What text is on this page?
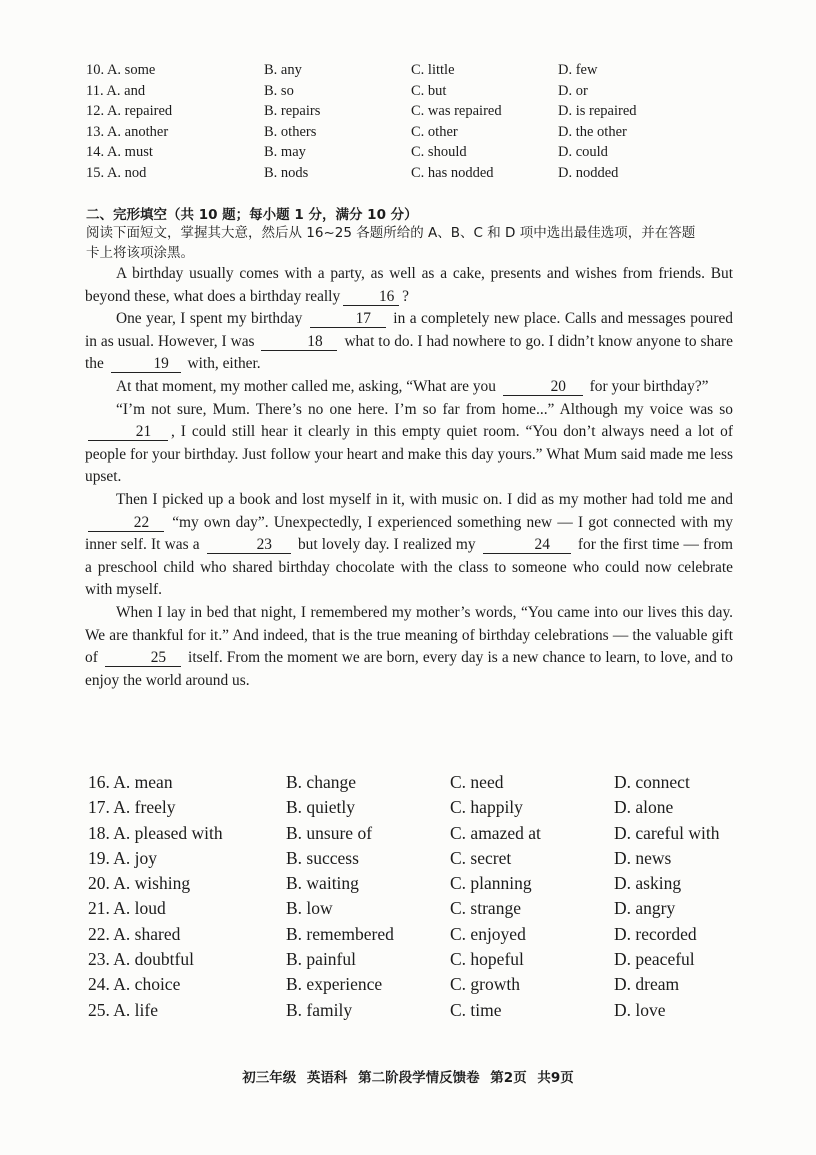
10. A. some	B. any	C. little	D. few
11. A. and	B. so	C. but	D. or
12. A. repaired	B. repairs	C. was repaired	D. is repaired
13. A. another	B. others	C. other	D. the other
14. A. must	B. may	C. should	D. could
15. A. nod	B. nods	C. has nodded	D. nodded
二、完形填空（共 10 题；每小题 1 分，满分 10 分）
阅读下面短文，掌握其大意，然后从 16~25 各题所给的 A、B、C 和 D 项中选出最佳选项，并在答题卡上将该项涂黑。

A birthday usually comes with a party, as well as a cake, presents and wishes from friends. But beyond these, what does a birthday really	16 ?

One year, I spent my birthday	17 in a completely new place. Calls and messages poured in as usual. However, I was	18 what to do. I had nowhere to go. I didn’t know anyone to share the	19 with, either.

At that moment, my mother called me, asking, “What are you	20 for your birthday?”

“I’m not sure, Mum. There’s no one here. I’m so far from home...” Although my voice was so 21 , I could still hear it clearly in this empty quiet room. “You don’t always need a lot of people for your birthday. Just follow your heart and make this day yours.” What Mum said made me less upset.

Then I picked up a book and lost myself in it, with music on. I did as my mother had told me and 22 “my own day”. Unexpectedly, I experienced something new — I got connected with my inner self. It was a	23 but lovely day. I realized my	24 for the first time — from a preschool child who shared birthday chocolate with the class to someone who could now celebrate with myself.

When I lay in bed that night, I remembered my mother’s words, “You came into our lives this day. We are thankful for it.” And indeed, that is the true meaning of birthday celebrations — the valuable gift of	25 itself. From the moment we are born, every day is a new chance to learn, to love, and to enjoy the world around us.

16. A. mean	B. change	C. need	D. connect
17. A. freely	B. quietly	C. happily	D. alone
18. A. pleased with	B. unsure of	C. amazed at	D. careful with
19. A. joy	B. success	C. secret	D. news
20. A. wishing	B. waiting	C. planning	D. asking
21. A. loud	B. low	C. strange	D. angry
22. A. shared	B. remembered	C. enjoyed	D. recorded
23. A. doubtful	B. painful	C. hopeful	D. peaceful
24. A. choice	B. experience	C. growth	D. dream
25. A. life	B. family	C. time	D. love
初三年级 英语科 第二阶段学情反馈卷 第2页 共9页
